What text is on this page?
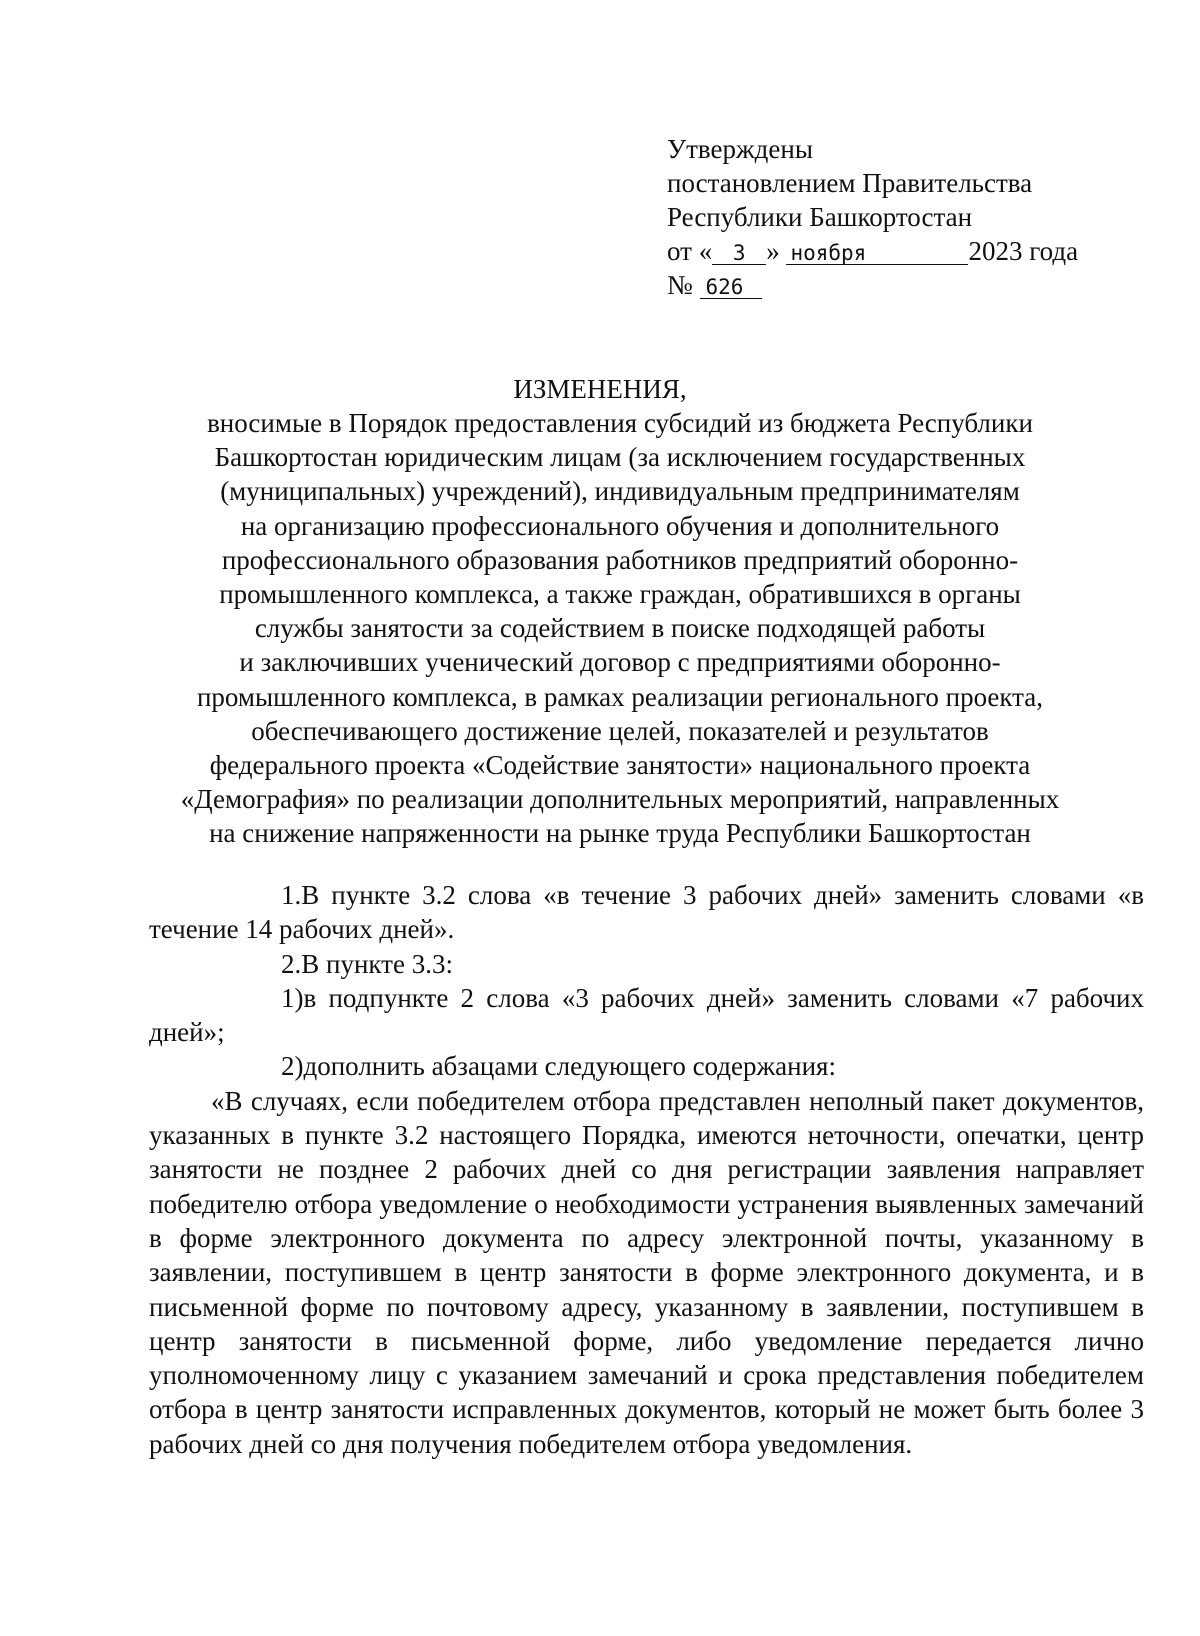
Утверждены
постановлением Правительства
Республики Башкортостан
от « 3 » ноября	2023 года
№ 626
ИЗМЕНЕНИЯ,
вносимые в Порядок предоставления субсидий из бюджета Республики
Башкортостан юридическим лицам (за исключением государственных
(муниципальных) учреждений), индивидуальным предпринимателям
на организацию профессионального обучения и дополнительного
профессионального образования работников предприятий оборонно-
промышленного комплекса, а также граждан, обратившихся в органы
службы занятости за содействием в поиске подходящей работы
и заключивших ученический договор с предприятиями оборонно-
промышленного комплекса, в рамках реализации регионального проекта,
обеспечивающего достижение целей, показателей и результатов
федерального проекта «Содействие занятости» национального проекта
«Демография» по реализации дополнительных мероприятий, направленных
на снижение напряженности на рынке труда Республики Башкортостан

1.В пункте 3.2 слова «в течение 3 рабочих дней» заменить словами «в течение 14 рабочих дней».

2.В пункте 3.3:

1)в подпункте 2 слова «3 рабочих дней» заменить словами «7 рабочих дней»;

2)дополнить абзацами следующего содержания:

«В случаях, если победителем отбора представлен неполный пакет документов, указанных в пункте 3.2 настоящего Порядка, имеются неточности, опечатки, центр занятости не позднее 2 рабочих дней со дня регистрации заявления направляет победителю отбора уведомление о необходимости устранения выявленных замечаний в форме электронного документа по адресу электронной почты, указанному в заявлении, поступившем в центр занятости в форме электронного документа, и в письменной форме по почтовому адресу, указанному в заявлении, поступившем в центр занятости в письменной форме, либо уведомление передается лично уполномоченному лицу с указанием замечаний и срока представления победителем отбора в центр занятости исправленных документов, который не может быть более 3 рабочих дней со дня получения победителем отбора уведомления.
